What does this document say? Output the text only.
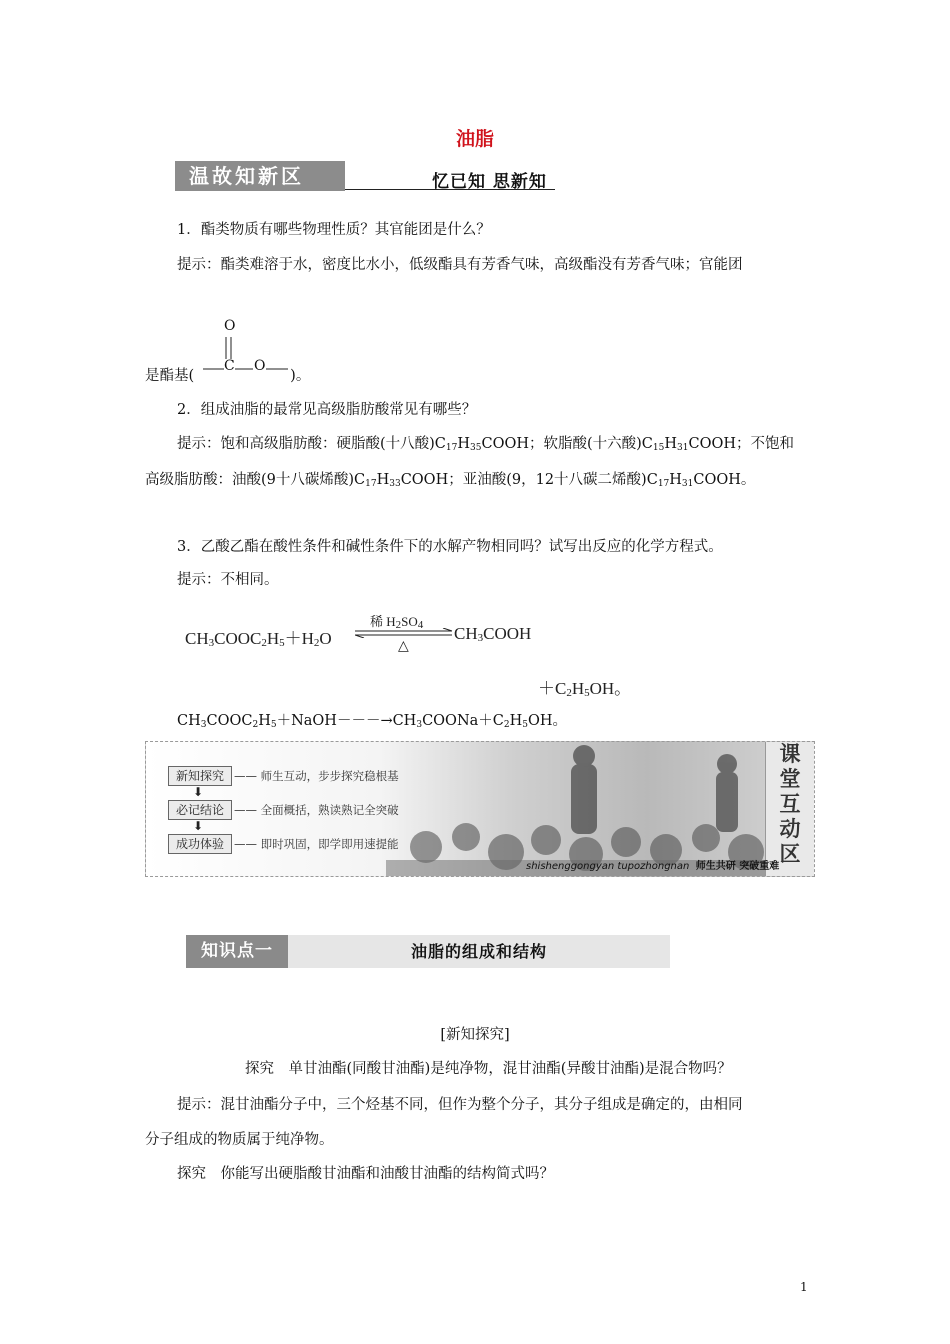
油脂
温故知新区	忆已知 思新知
1．酯类物质有哪些物理性质？其官能团是什么？
提示：酯类难溶于水，密度比水小，低级酯具有芳香气味，高级酯没有芳香气味；官能团
是酯基(	)。
O
C O
2．组成油脂的最常见高级脂肪酸常见有哪些？
提示：饱和高级脂肪酸：硬脂酸(十八酸)$C_{17}H_{35}COOH$；软脂酸(十六酸)$C_{15}H_{31}COOH$；不饱和
高级脂肪酸：油酸(9十八碳烯酸)$C_{17}H_{33}COOH$；亚油酸(9，12十八碳二烯酸)$C_{17}H_{31}COOH$。
3．乙酸乙酯在酸性条件和碱性条件下的水解产物相同吗？试写出反应的化学方程式。
提示：不相同。
$CH_3COOC_2H_5+H_2O$
稀 $H_2SO_4$
△
$CH_3COOH$
$+C_2H_5OH$。
$CH_3COOC_2H_5+NaOH---\to CH_3COONa+C_2H_5OH$。
新知探究 —— 师生互动，步步探究稳根基
⬇
必记结论 —— 全面概括，熟读熟记全突破
⬇
成功体验 —— 即时巩固，即学即用速提能
课
堂
互
动
区
shishenggongyan tupozhongnan 师生共研 突破重难
知识点一	油脂的组成和结构
[新知探究]
探究　单甘油酯(同酸甘油酯)是纯净物，混甘油酯(异酸甘油酯)是混合物吗？
提示：混甘油酯分子中，三个烃基不同，但作为整个分子，其分子组成是确定的，由相同
分子组成的物质属于纯净物。
探究　你能写出硬脂酸甘油酯和油酸甘油酯的结构简式吗？
1
